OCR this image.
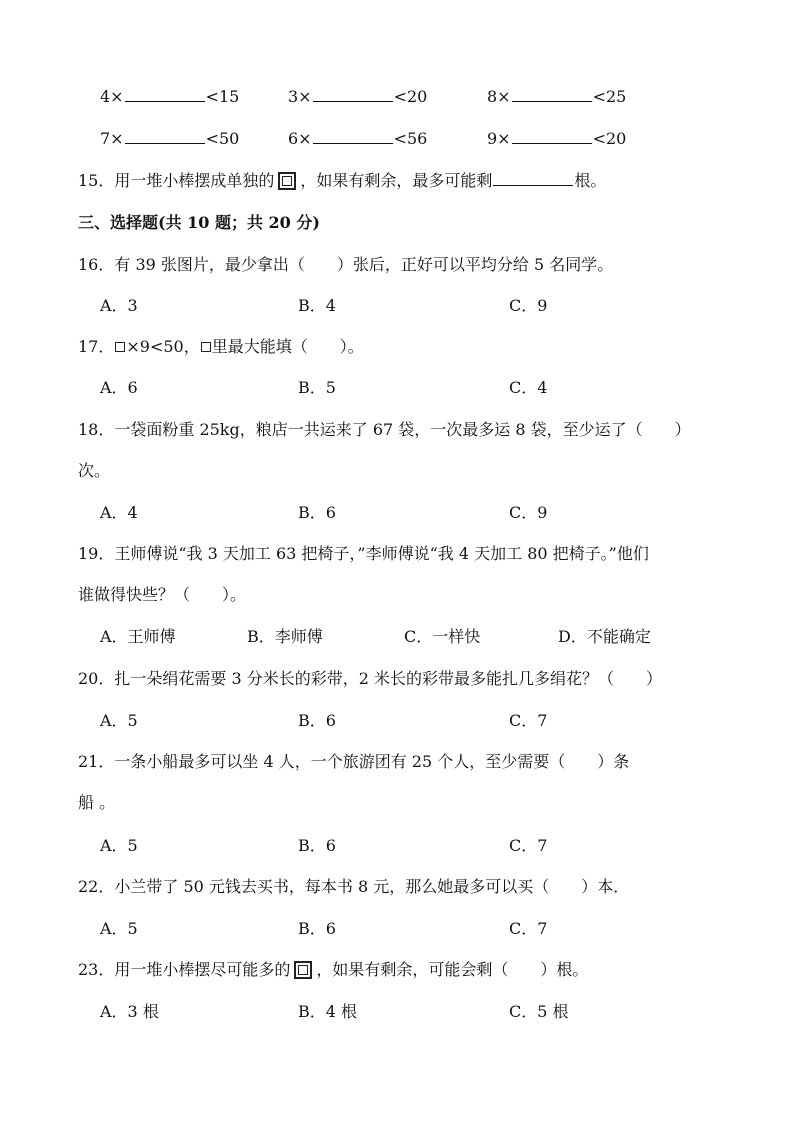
4×	<15	3×	<20	8×	<25
7×	<50	6×	<56	9×	<20
15．用一堆小棒摆成单独的 ，如果有剩余，最多可能剩	根。
三、选择题(共 10 题；共 20 分)
16．有 39 张图片，最少拿出（　　）张后，正好可以平均分给 5 名同学。
A．3	B．4	C．9
17． ×9<50， 里最大能填（　　）。
A．6	B．5	C．4
18．一袋面粉重 25kg，粮店一共运来了 67 袋，一次最多运 8 袋，至少运了（　　）
次。
A．4	B．6	C．9
19．王师傅说“我 3 天加工 63 把椅子，”李师傅说“我 4 天加工 80 把椅子。”他们
谁做得快些？（　　）。
A．王师傅	B．李师傅	C．一样快	D．不能确定
20．扎一朵绢花需要 3 分米长的彩带，2 米长的彩带最多能扎几多绢花？（　　）
A．5	B．6	C．7
21．一条小船最多可以坐 4 人，一个旅游团有 25 个人，至少需要（　　）条
船 。
A．5	B．6	C．7
22．小兰带了 50 元钱去买书，每本书 8 元，那么她最多可以买（　　）本．
A．5	B．6	C．7
23．用一堆小棒摆尽可能多的 ，如果有剩余，可能会剩（　　）根。
A．3 根	B．4 根	C．5 根
